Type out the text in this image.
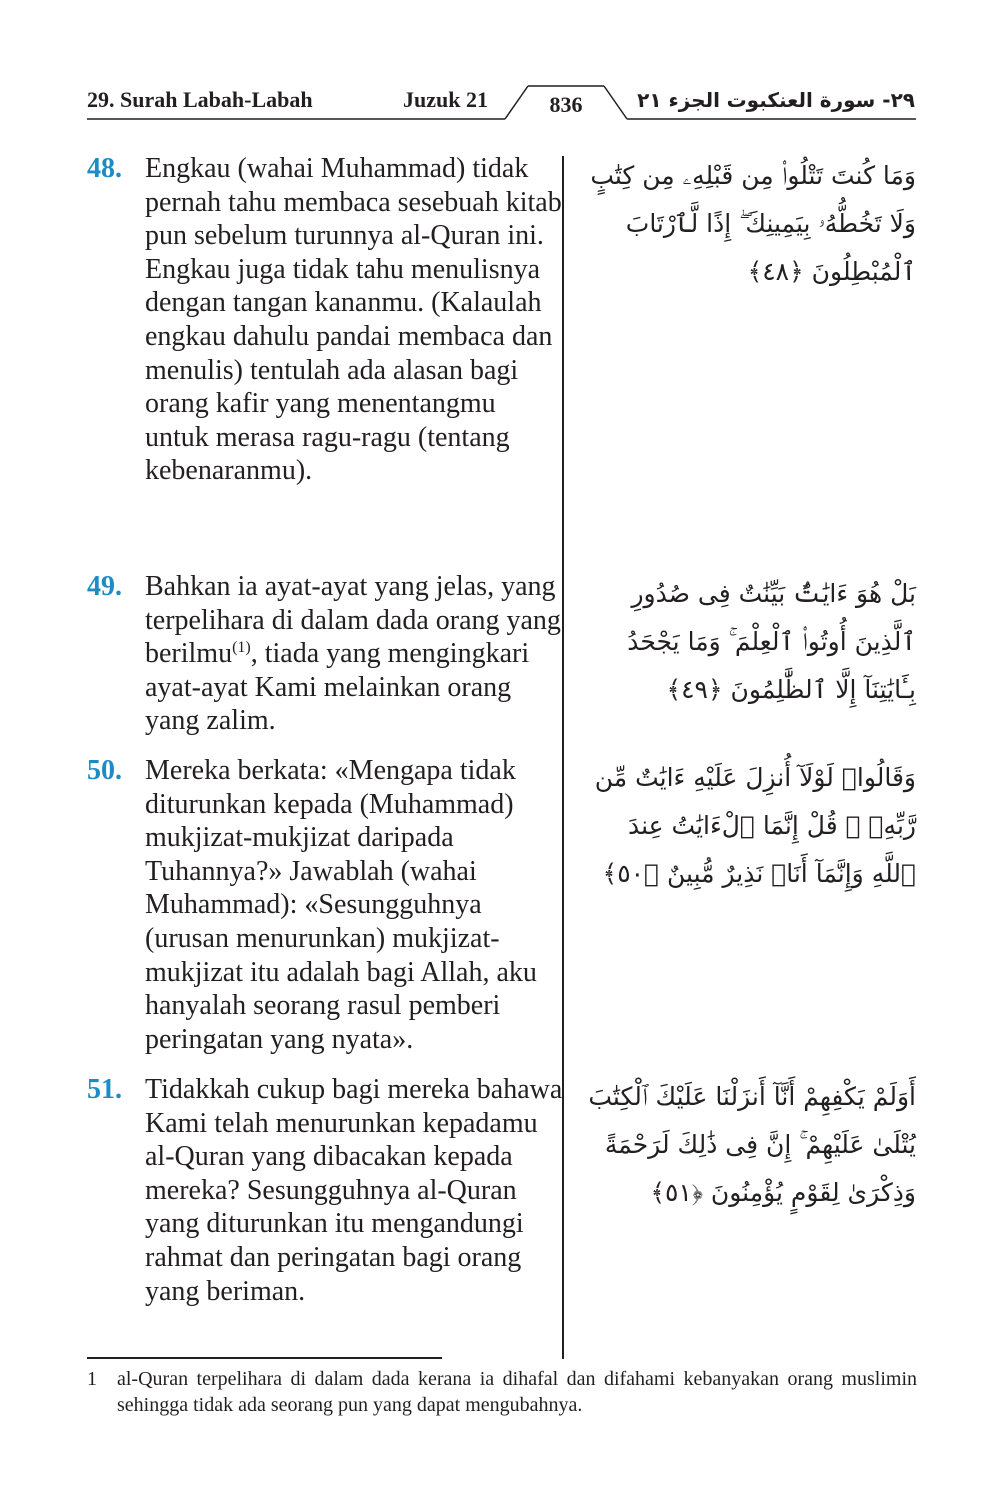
29. Surah Labah-Labah	Juzuk 21	836	الجزء ٢١ ٢٩- سورة العنكبوت
48. Engkau (wahai Muhammad) tidak pernah tahu membaca sesebuah kitab pun sebelum turunnya al-Quran ini. Engkau juga tidak tahu menulisnya dengan tangan kananmu. (Kalaulah engkau dahulu pandai membaca dan menulis) tentulah ada alasan bagi orang kafir yang menentangmu untuk merasa ragu-ragu (tentang kebenaranmu).
وَمَا كُنتَ تَتْلُوا۟ مِن قَبْلِهِۦ مِن كِتَٰبٍ وَلَا تَخُطُّهُۥ بِيَمِينِكَ ۖ إِذًا لَّٱرْتَابَ ٱلْمُبْطِلُونَ ﴿٤٨﴾
49. Bahkan ia ayat-ayat yang jelas, yang terpelihara di dalam dada orang yang berilmu$^{(1)}$, tiada yang mengingkari ayat-ayat Kami melainkan orang yang zalim.
بَلْ هُوَ ءَايَٰتٌۢ بَيِّنَٰتٌ فِى صُدُورِ ٱلَّذِينَ أُوتُوا۟ ٱلْعِلْمَ ۚ وَمَا يَجْحَدُ بِـَٔايَٰتِنَآ إِلَّا ٱلظَّٰلِمُونَ ﴿٤٩﴾
50. Mereka berkata: «Mengapa tidak diturunkan kepada (Muhammad) mukjizat-mukjizat daripada Tuhannya?» Jawablah (wahai Muhammad): «Sesungguhnya (urusan menurunkan) mukjizat-mukjizat itu adalah bagi Allah, aku hanyalah seorang rasul pemberi peringatan yang nyata».
وَقَالُوا۟ لَوْلَآ أُنزِلَ عَلَيْهِ ءَايَٰتٌ مِّن رَّبِّهِۦ ۖ قُلْ إِنَّمَا ٱلْءَايَٰتُ عِندَ ٱللَّهِ وَإِنَّمَآ أَنَا۠ نَذِيرٌ مُّبِينٌ ﴿٥٠﴾
51. Tidakkah cukup bagi mereka bahawa Kami telah menurunkan kepadamu al-Quran yang dibacakan kepada mereka? Sesungguhnya al-Quran yang diturunkan itu mengandungi rahmat dan peringatan bagi orang yang beriman.
أَوَلَمْ يَكْفِهِمْ أَنَّآ أَنزَلْنَا عَلَيْكَ ٱلْكِتَٰبَ يُتْلَىٰ عَلَيْهِمْ ۚ إِنَّ فِى ذَٰلِكَ لَرَحْمَةً وَذِكْرَىٰ لِقَوْمٍ يُؤْمِنُونَ ﴿٥١﴾
1 al-Quran terpelihara di dalam dada kerana ia dihafal dan difahami kebanyakan orang muslimin sehingga tidak ada seorang pun yang dapat mengubahnya.
